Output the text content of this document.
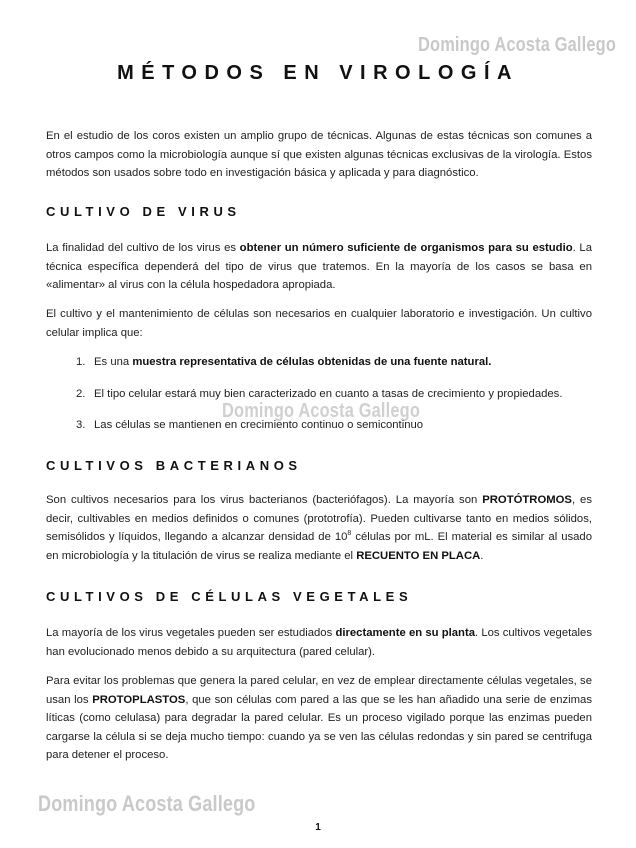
Domingo Acosta Gallego
Domingo Acosta Gallego
Domingo Acosta Gallego
MÉTODOS EN VIROLOGÍA
En el estudio de los coros existen un amplio grupo de técnicas. Algunas de estas técnicas son comunes a otros campos como la microbiología aunque sí que existen algunas técnicas exclusivas de la virología. Estos métodos son usados sobre todo en investigación básica y aplicada y para diagnóstico.
CULTIVO DE VIRUS
La finalidad del cultivo de los virus es obtener un número suficiente de organismos para su estudio. La técnica específica dependerá del tipo de virus que tratemos. En la mayoría de los casos se basa en «alimentar» al virus con la célula hospedadora apropiada.
El cultivo y el mantenimiento de células son necesarios en cualquier laboratorio e investigación. Un cultivo celular implica que:
1. Es una muestra representativa de células obtenidas de una fuente natural.
2. El tipo celular estará muy bien caracterizado en cuanto a tasas de crecimiento y propiedades.
3. Las células se mantienen en crecimiento continuo o semicontinuo
CULTIVOS BACTERIANOS
Son cultivos necesarios para los virus bacterianos (bacteriófagos). La mayoría son PROTÓTROMOS, es decir, cultivables en medios definidos o comunes (prototrofía). Pueden cultivarse tanto en medios sólidos, semisólidos y líquidos, llegando a alcanzar densidad de $10^8$ células por mL. El material es similar al usado en microbiología y la titulación de virus se realiza mediante el RECUENTO EN PLACA.
CULTIVOS DE CÉLULAS VEGETALES
La mayoría de los virus vegetales pueden ser estudiados directamente en su planta. Los cultivos vegetales han evolucionado menos debido a su arquitectura (pared celular).
Para evitar los problemas que genera la pared celular, en vez de emplear directamente células vegetales, se usan los PROTOPLASTOS, que son células com pared a las que se les han añadido una serie de enzimas líticas (como celulasa) para degradar la pared celular. Es un proceso vigilado porque las enzimas pueden cargarse la célula si se deja mucho tiempo: cuando ya se ven las células redondas y sin pared se centrifuga para detener el proceso.
1
